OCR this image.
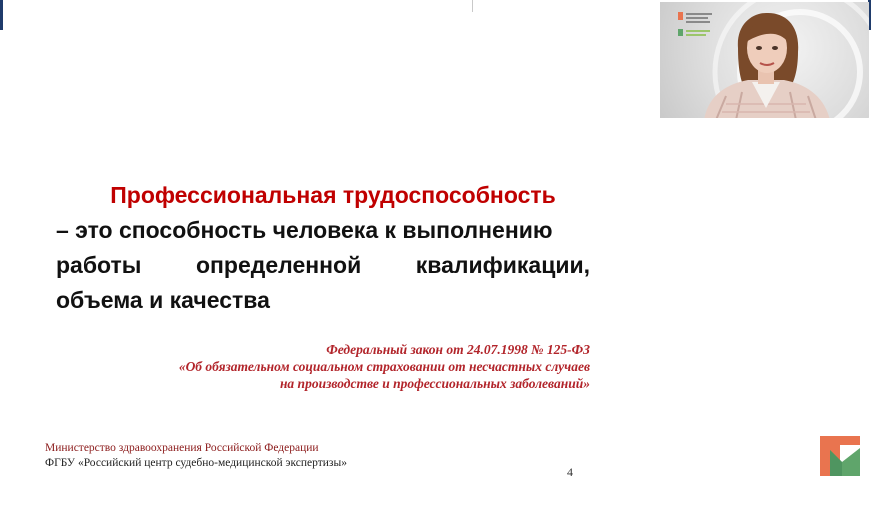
Профессиональная трудоспособность
– это способность человека к выполнению
работы определенной квалификации,
объема и качества
Федеральный закон от 24.07.1998 № 125-ФЗ
«Об обязательном социальном страховании от несчастных случаев
на производстве и профессиональных заболеваний»
Министерство здравоохранения Российской Федерации
ФГБУ «Российский центр судебно-медицинской экспертизы»
4
